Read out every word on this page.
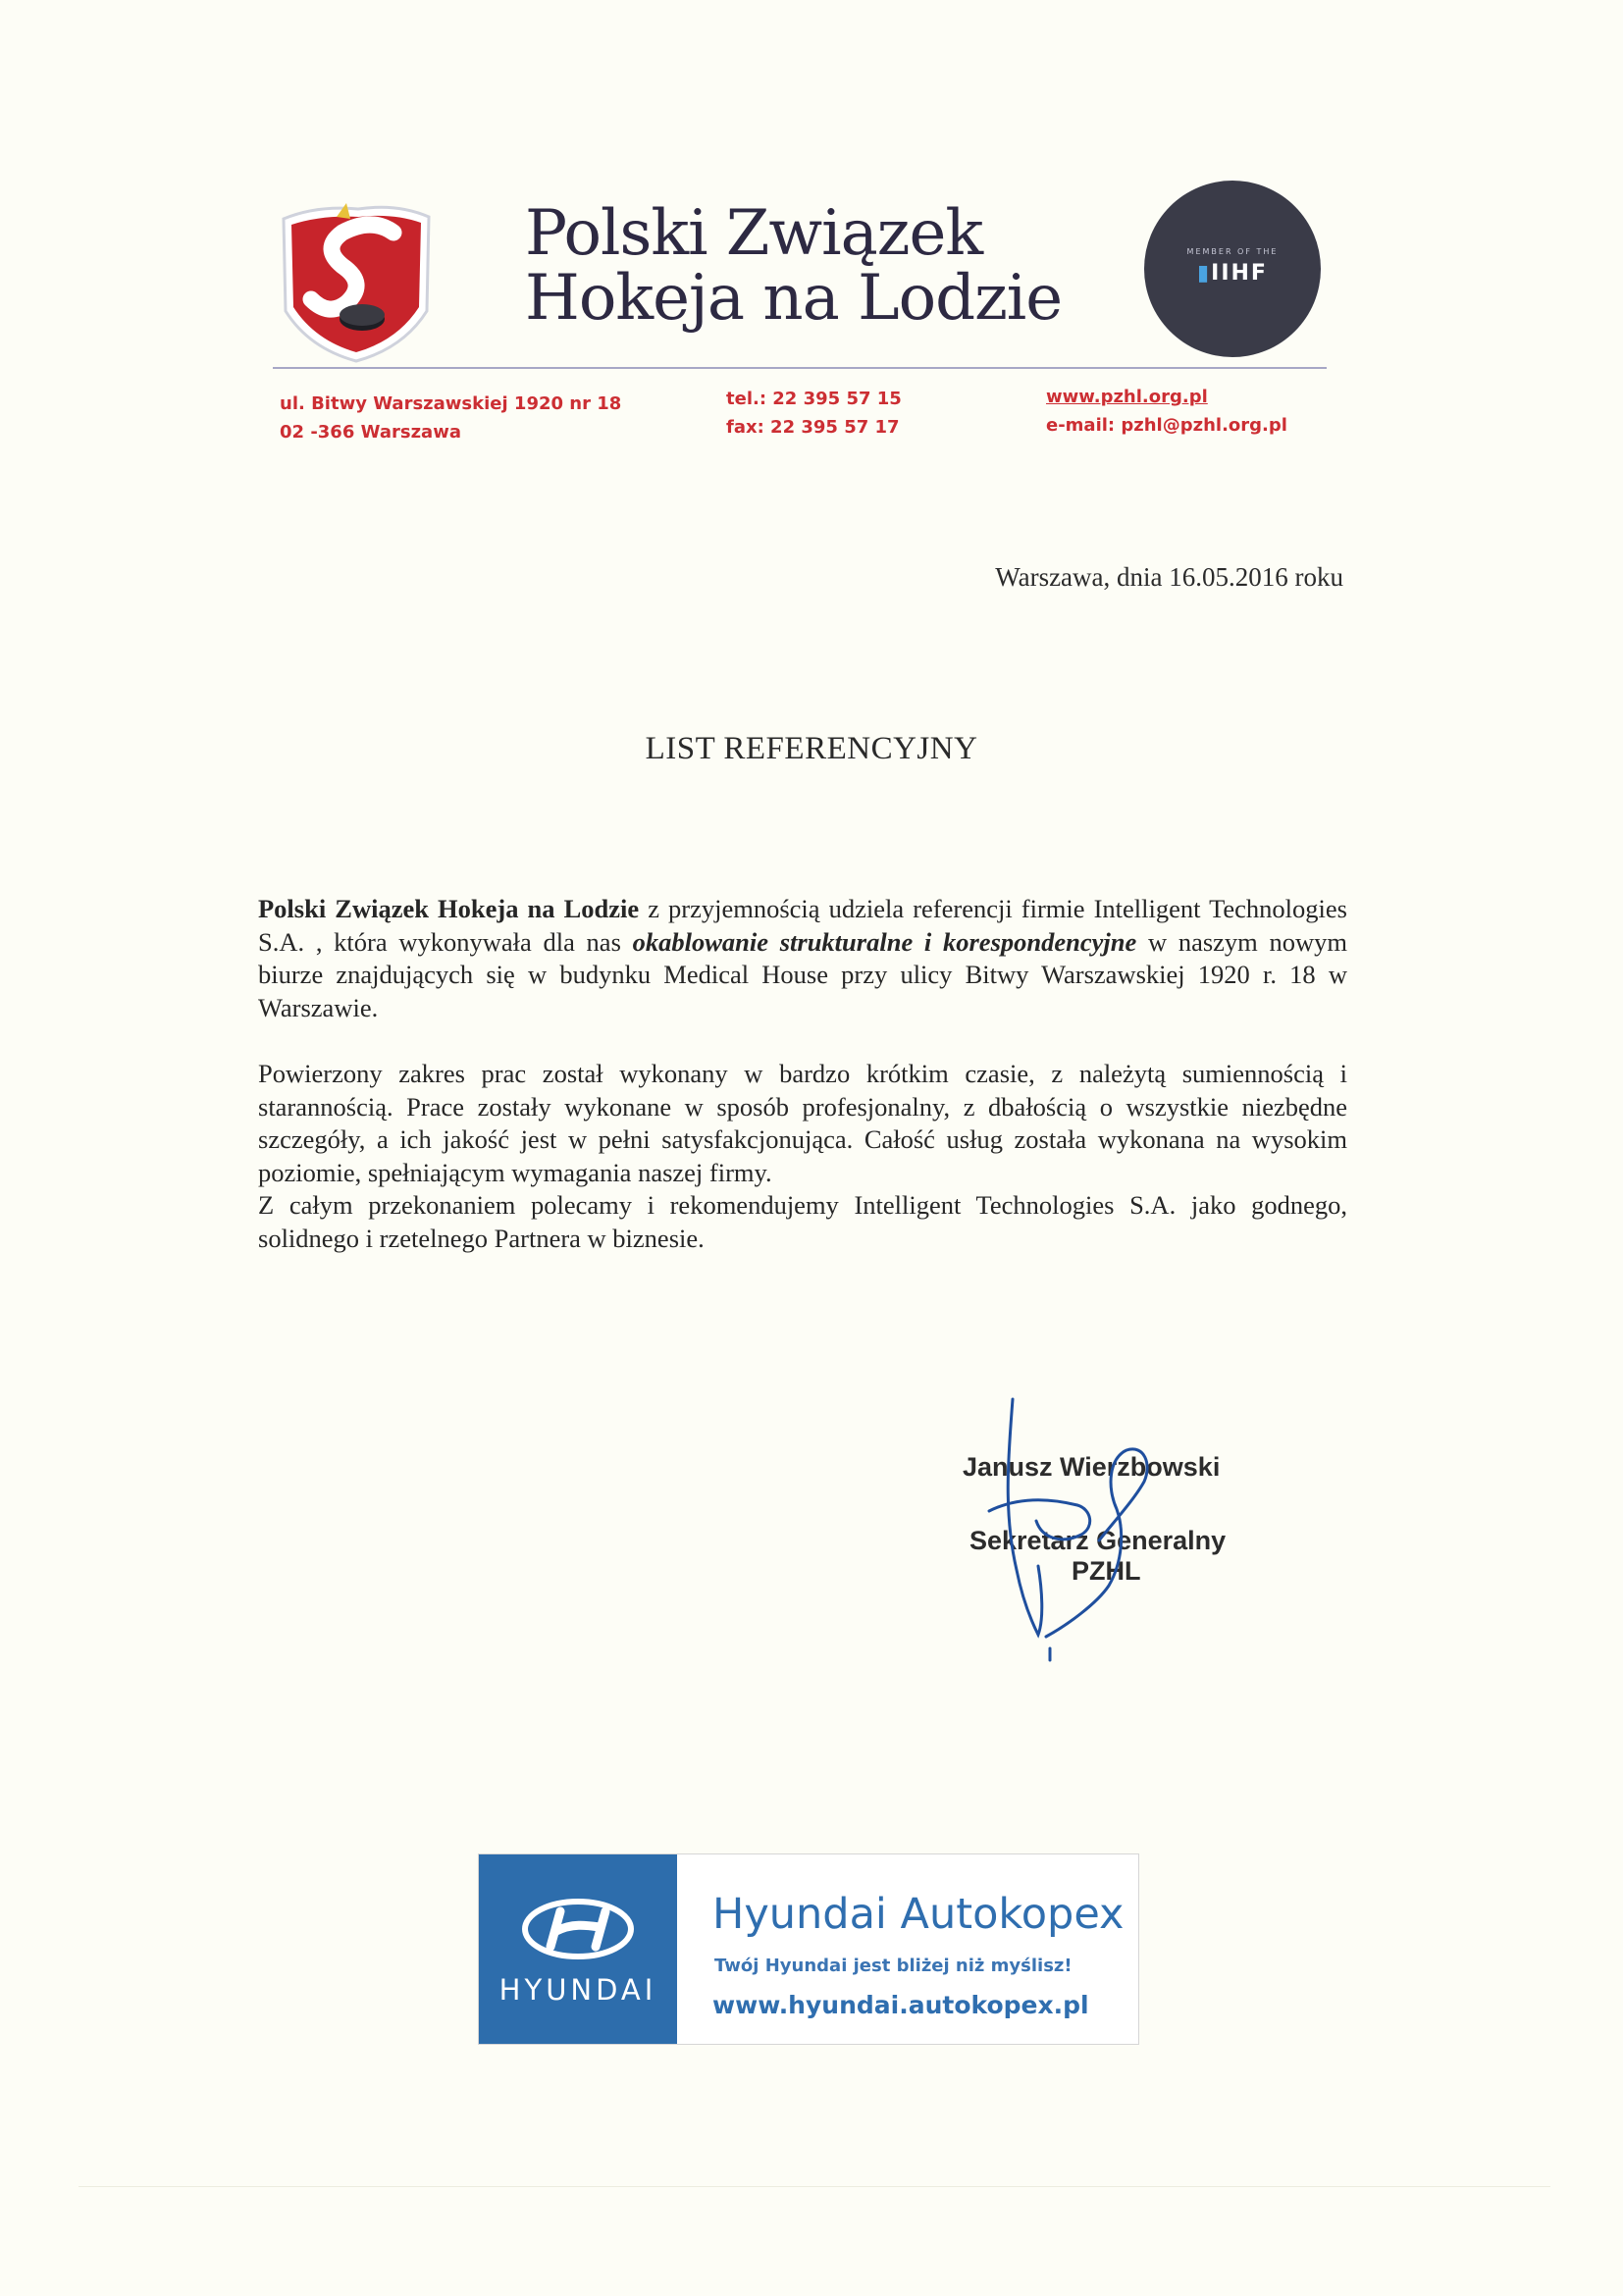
Polski Związek
Hokeja na Lodzie
MEMBER OF THE
▮IIHF
ul. Bitwy Warszawskiej 1920 nr 18
02 -366 Warszawa
tel.: 22 395 57 15
fax: 22 395 57 17
www.pzhl.org.pl
e-mail: pzhl@pzhl.org.pl
Warszawa, dnia 16.05.2016 roku
LIST REFERENCYJNY

Polski Związek Hokeja na Lodzie z przyjemnością udziela referencji firmie Intelligent Technologies S.A. , która wykonywała dla nas okablowanie strukturalne i korespondencyjne w naszym nowym biurze znajdujących się w budynku Medical House przy ulicy Bitwy Warszawskiej 1920 r. 18 w Warszawie.

Powierzony zakres prac został wykonany w bardzo krótkim czasie, z należytą sumiennością i starannością. Prace zostały wykonane w sposób profesjonalny, z dbałością o wszystkie niezbędne szczegóły, a ich jakość jest w pełni satysfakcjonująca. Całość usług została wykonana na wysokim poziomie, spełniającym wymagania naszej firmy.
Z całym przekonaniem polecamy i rekomendujemy Intelligent Technologies S.A. jako godnego, solidnego i rzetelnego Partnera w biznesie.

Janusz Wierzbowski
Sekretarz Generalny
PZHL
HYUNDAI
Hyundai Autokopex
Twój Hyundai jest bliżej niż myślisz!
www.hyundai.autokopex.pl
